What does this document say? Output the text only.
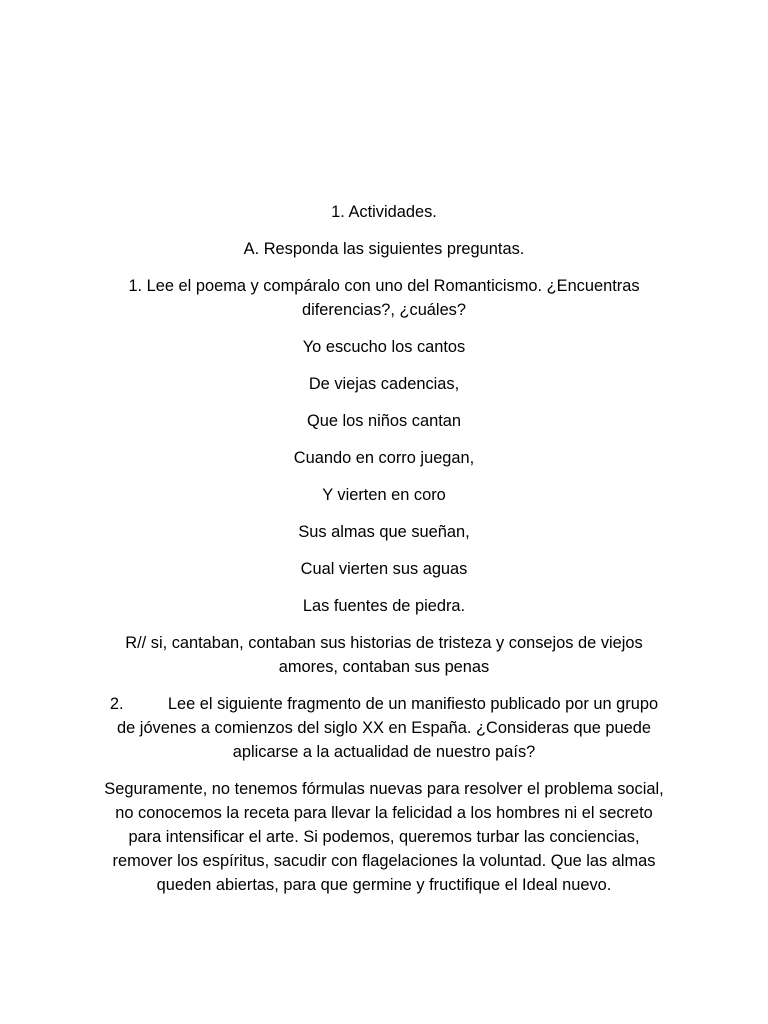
1. Actividades.

A. Responda las siguientes preguntas.

1. Lee el poema y compáralo con uno del Romanticismo. ¿Encuentras diferencias?, ¿cuáles?

Yo escucho los cantos

De viejas cadencias,

Que los niños cantan

Cuando en corro juegan,

Y vierten en coro

Sus almas que sueñan,

Cual vierten sus aguas

Las fuentes de piedra.

R// si, cantaban, contaban sus historias de tristeza y consejos de viejos amores, contaban sus penas

2.	Lee el siguiente fragmento de un manifiesto publicado por un grupo de jóvenes a comienzos del siglo XX en España. ¿Consideras que puede aplicarse a la actualidad de nuestro país?

Seguramente, no tenemos fórmulas nuevas para resolver el problema social, no conocemos la receta para llevar la felicidad a los hombres ni el secreto para intensificar el arte. Si podemos, queremos turbar las conciencias, remover los espíritus, sacudir con flagelaciones la voluntad. Que las almas queden abiertas, para que germine y fructifique el Ideal nuevo.
